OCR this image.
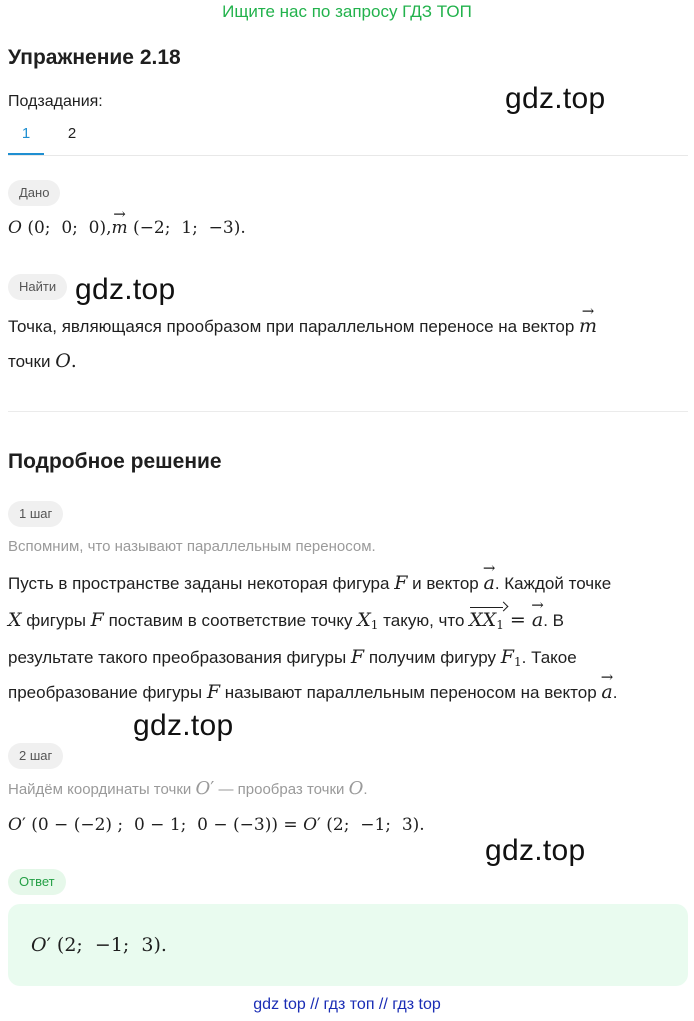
Ищите нас по запросу ГДЗ ТОП
Упражнение 2.18
Подзадания:
1	2
gdz.top
Дано
O (0;  0;  0),→ m (−2;  1;  −3).
Найти gdz.top
Точка, являющаяся прообразом при параллельном переносе на вектор → m
точки O.
Подробное решение
1 шаг
Вспомним, что называют параллельным переносом.
Пусть в пространстве заданы некоторая фигура F и вектор → a. Каждой точке
X фигуры F поставим в соответствие точку $X_1$ такую, что $XX_1$ = → a. В
результате такого преобразования фигуры F получим фигуру $F_1$. Такое
преобразование фигуры F называют параллельным переносом на вектор → a.
gdz.top
2 шаг
Найдём координаты точки O′ — прообраз точки O.
O′ (0 − (−2) ;  0 − 1;  0 − (−3)) = O′ (2;  −1;  3).
gdz.top
Ответ
O′ (2;  −1;  3).
gdz top // гдз топ // гдз top
